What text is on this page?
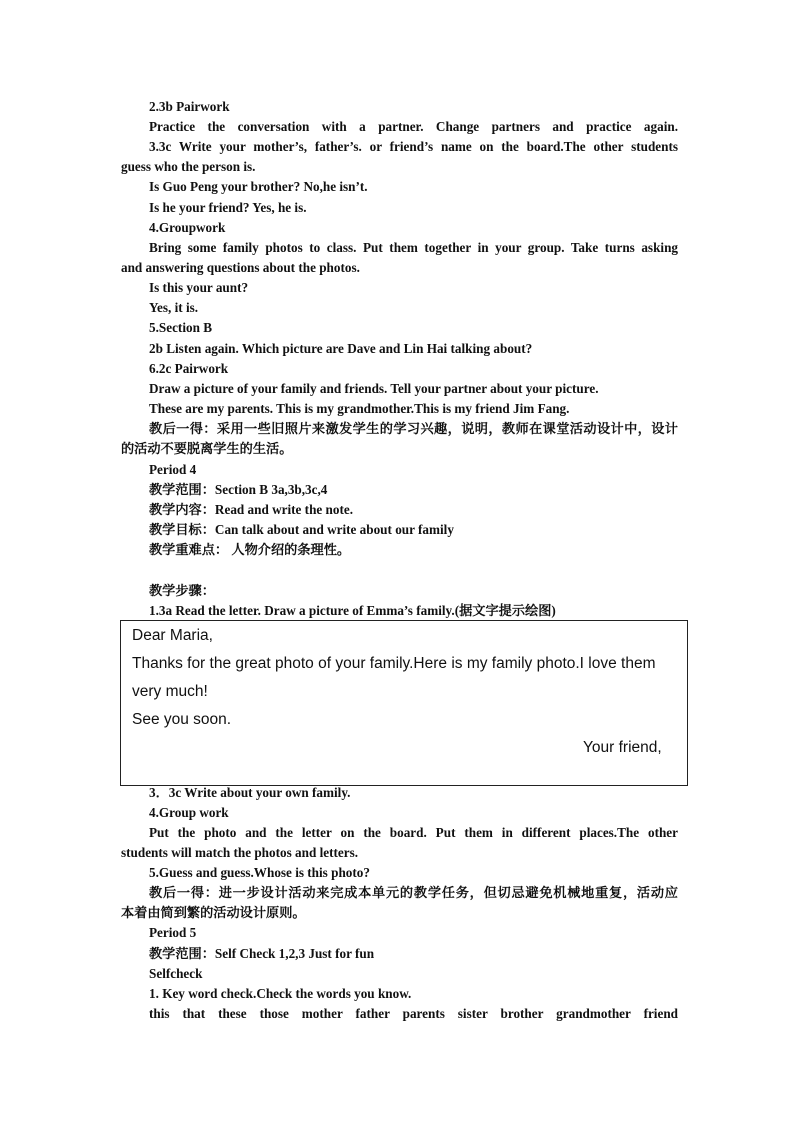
2.3b Pairwork
Practice the conversation with a partner. Change partners and practice again.
3.3c Write your mother’s, father’s. or friend’s name on the board.The other students
guess who the person is.
Is Guo Peng your brother? No,he isn’t.
Is he your friend? Yes, he is.
4.Groupwork
Bring some family photos to class. Put them together in your group. Take turns asking
and answering questions about the photos.
Is this your aunt?
Yes, it is.
5.Section B
2b Listen again. Which picture are Dave and Lin Hai talking about?
6.2c Pairwork
Draw a picture of your family and friends. Tell your partner about your picture.
These are my parents. This is my grandmother.This is my friend Jim Fang.
教后一得：采用一些旧照片来激发学生的学习兴趣，说明，教师在课堂活动设计中，设计
的活动不要脱离学生的生活。
Period 4
教学范围：Section B 3a,3b,3c,4
教学内容：Read and write the note.
教学目标：Can talk about and write about our family
教学重难点： 人物介绍的条理性。
教学步骤：
1.3a Read the letter. Draw a picture of Emma’s family.(据文字提示绘图)
Dear Maria,
Thanks for the great photo of your family.Here is my family photo.I love them
very much!
See you soon.
Your friend,
3．3c Write about your own family.
4.Group work
Put the photo and the letter on the board. Put them in different places.The other
students will match the photos and letters.
5.Guess and guess.Whose is this photo?
教后一得：进一步设计活动来完成本单元的教学任务，但切忌避免机械地重复，活动应
本着由简到繁的活动设计原则。
Period 5
教学范围：Self Check 1,2,3 Just for fun
Selfcheck
1. Key word check.Check the words you know.
this that these those mother father parents sister brother grandmother friend
